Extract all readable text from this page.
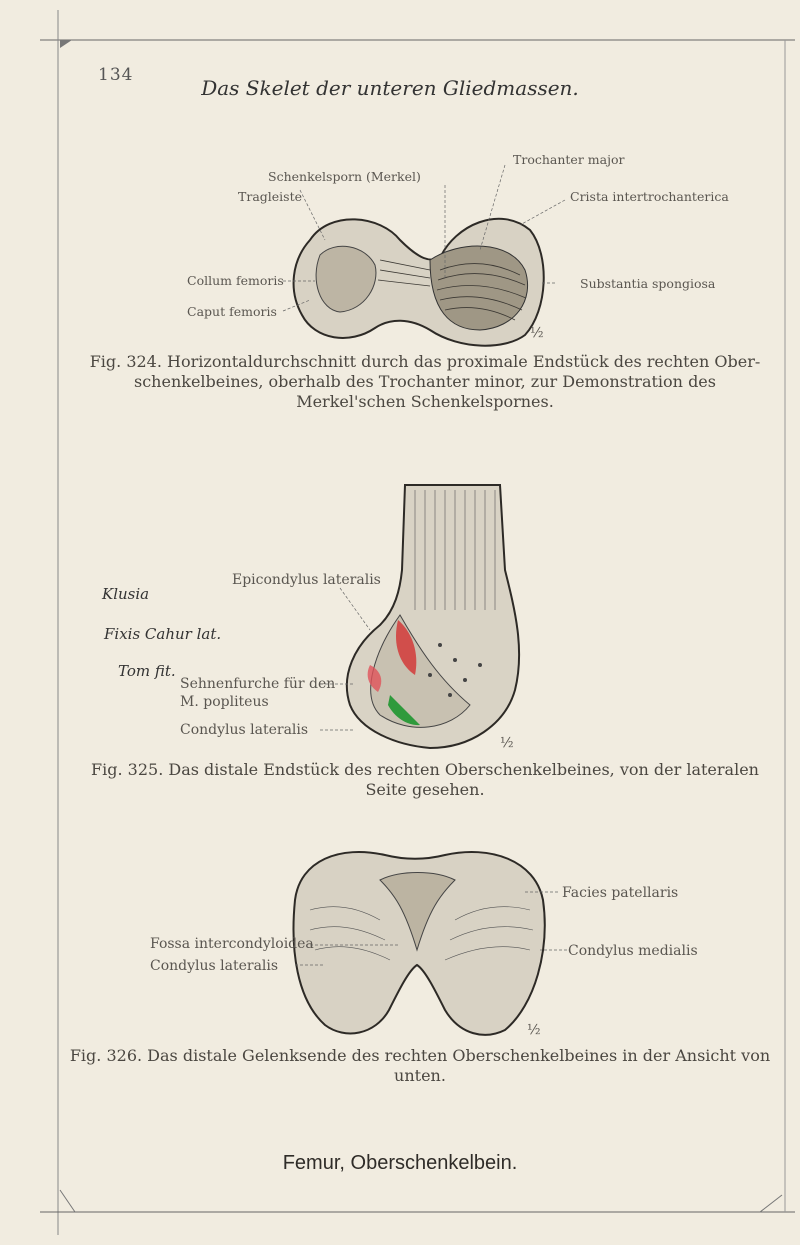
134
Das Skelet der unteren Gliedmassen.
Trochanter major
Schenkelsporn (Merkel)
Tragleiste	Crista intertrochanterica
Collum femoris	Substantia spongiosa
Caput femoris
½
Fig. 324. Horizontaldurchschnitt durch das proximale Endstück des rechten Ober-schenkelbeines, oberhalb des Trochanter minor, zur Demonstration des Merkel'schen Schenkelspornes.
Epicondylus lateralis
Sehnenfurche für den
M. popliteus
Condylus lateralis
½
Klusia
Fixis Cahur lat.
Tom fit.
Fig. 325. Das distale Endstück des rechten Oberschenkelbeines, von der lateralen
Seite gesehen.
Facies patellaris
Fossa intercondyloidea	Condylus medialis
Condylus lateralis
½
Fig. 326. Das distale Gelenksende des rechten Oberschenkelbeines in der Ansicht von
unten.
Femur, Oberschenkelbein.
